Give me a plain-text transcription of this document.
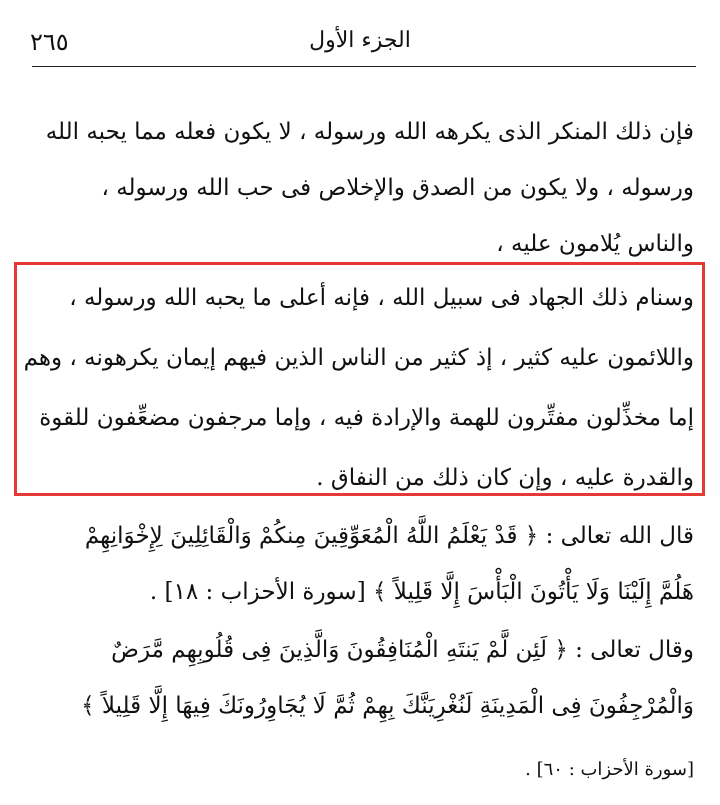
٢٦٥	الجزء الأول
فإن ذلك المنكر الذى يكرهه الله ورسوله ، لا يكون فعله مما يحبه الله
ورسوله ، ولا يكون من الصدق والإخلاص فى حب الله ورسوله ،
والناس يُلامون عليه ،
وسنام ذلك الجهاد فى سبيل الله ، فإنه أعلى ما يحبه الله ورسوله ،
واللائمون عليه كثير ، إذ كثير من الناس الذين فيهم إيمان يكرهونه ، وهم
إما مخذِّلون مفتِّرون للهمة والإرادة فيه ، وإما مرجفون مضعِّفون للقوة
والقدرة عليه ، وإن كان ذلك من النفاق .
قال الله تعالى : ﴿ قَدْ يَعْلَمُ اللَّهُ الْمُعَوِّقِينَ مِنكُمْ وَالْقَائِلِينَ لِإِخْوَانِهِمْ
هَلُمَّ إِلَيْنَا وَلَا يَأْتُونَ الْبَأْسَ إِلَّا قَلِيلاً ﴾ [سورة الأحزاب : ١٨] .
وقال تعالى : ﴿ لَئِن لَّمْ يَنتَهِ الْمُنَافِقُونَ وَالَّذِينَ فِى قُلُوبِهِم مَّرَضٌ
وَالْمُرْجِفُونَ فِى الْمَدِينَةِ لَنُغْرِيَنَّكَ بِهِمْ ثُمَّ لَا يُجَاوِرُونَكَ فِيهَا إِلَّا قَلِيلاً ﴾
[سورة الأحزاب : ٦٠] .
